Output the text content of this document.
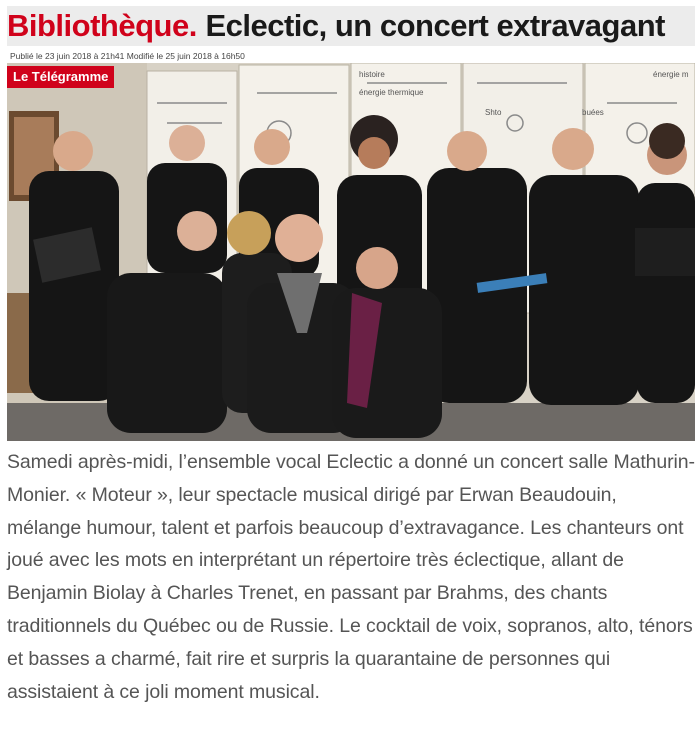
Bibliothèque. Eclectic, un concert extravagant
Publié le 23 juin 2018 à 21h41 Modifié le 25 juin 2018 à 16h50
énergie thermique
histoire
Shto
énergie m
buées
Le Télégramme

Samedi après-midi, l’ensemble vocal Eclectic a donné un concert salle Mathurin-Monier. « Moteur », leur spectacle musical dirigé par Erwan Beaudouin, mélange humour, talent et parfois beaucoup d’extravagance. Les chanteurs ont joué avec les mots en interprétant un répertoire très éclectique, allant de Benjamin Biolay à Charles Trenet, en passant par Brahms, des chants traditionnels du Québec ou de Russie. Le cocktail de voix, sopranos, alto, ténors et basses a charmé, fait rire et surpris la quarantaine de personnes qui assistaient à ce joli moment musical.
